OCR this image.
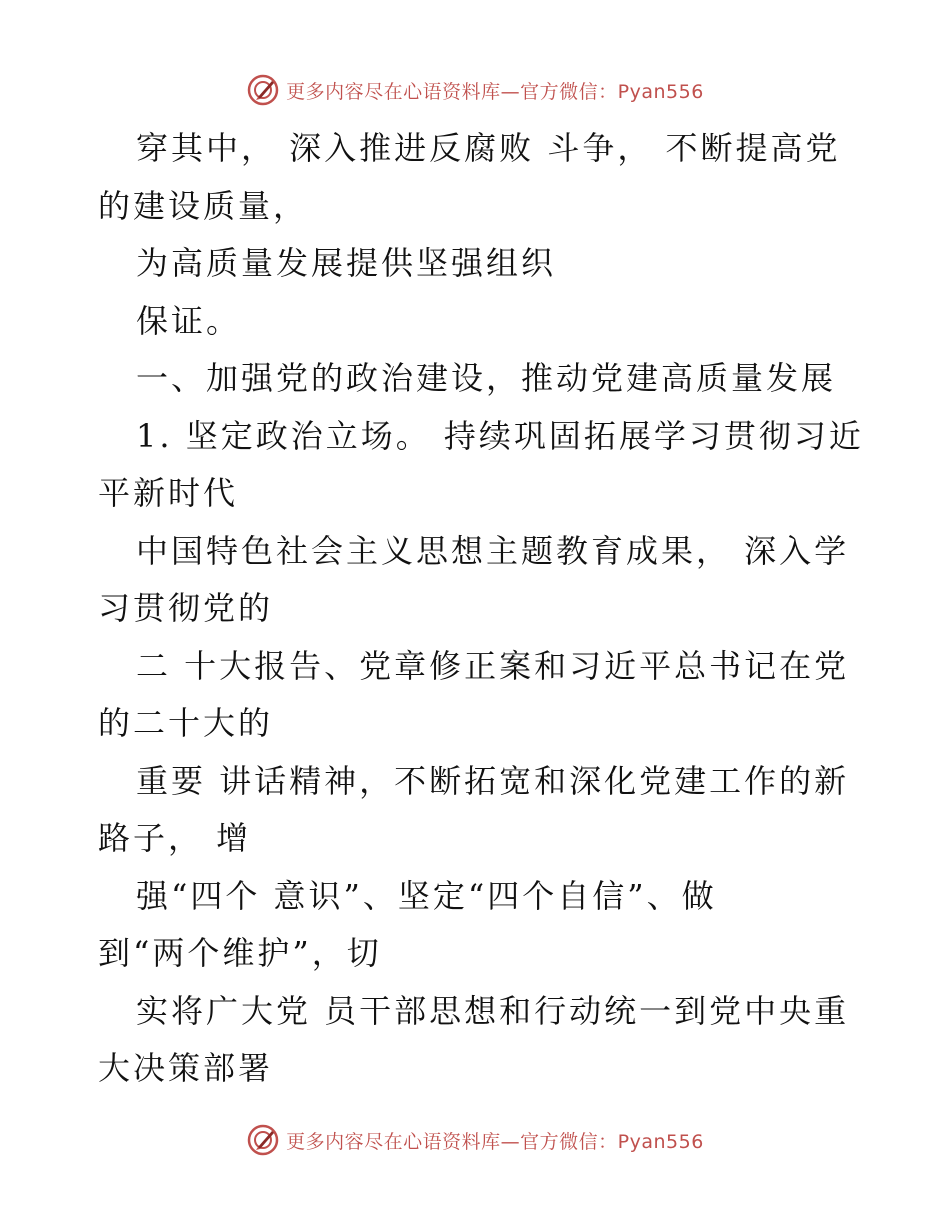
更多内容尽在心语资料库—官方微信：Pyan556
穿其中， 深入推进反腐败 斗争， 不断提高党
的建设质量，
为高质量发展提供坚强组织
保证。
一、加强党的政治建设，推动党建高质量发展
1. 坚定政治立场。 持续巩固拓展学习贯彻习近
平新时代
中国特色社会主义思想主题教育成果， 深入学
习贯彻党的
二 十大报告、党章修正案和习近平总书记在党
的二十大的
重要 讲话精神，不断拓宽和深化党建工作的新
路子， 增
强“四个 意识”、坚定“四个自信”、做
到“两个维护”，切
实将广大党 员干部思想和行动统一到党中央重
大决策部署
更多内容尽在心语资料库—官方微信：Pyan556
